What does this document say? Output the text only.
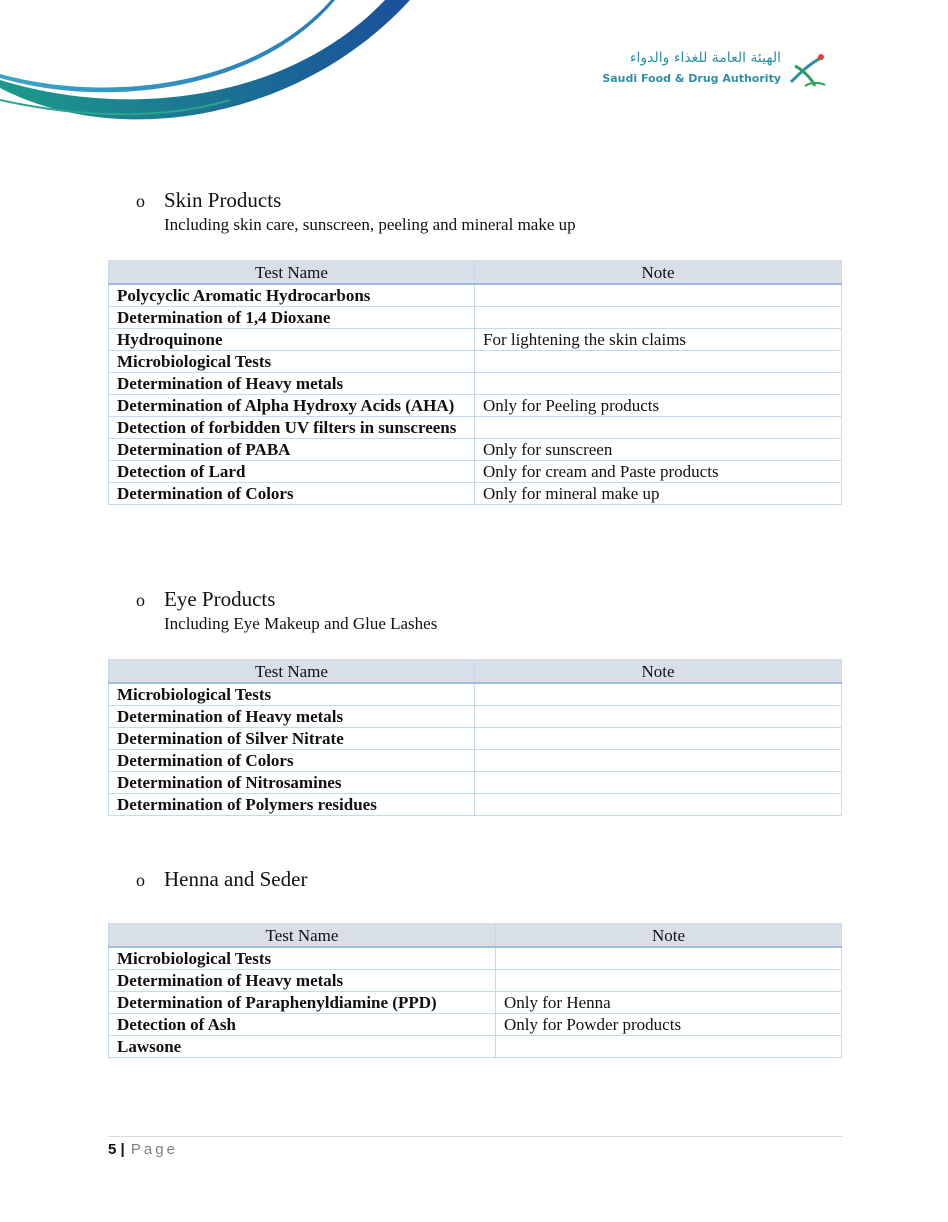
الهيئة العامة للغذاء والدواء
Saudi Food & Drug Authority
o Skin Products
Including skin care, sunscreen, peeling and mineral make up
Test Name	Note
Polycyclic Aromatic Hydrocarbons	
Determination of 1,4 Dioxane	
Hydroquinone	For lightening the skin claims
Microbiological Tests	
Determination of Heavy metals	
Determination of Alpha Hydroxy Acids (AHA)	Only for Peeling products
Detection of forbidden UV filters in sunscreens	
Determination of PABA	Only for sunscreen
Detection of Lard	Only for cream and Paste products
Determination of Colors	Only for mineral make up
o Eye Products
Including Eye Makeup and Glue Lashes
Test Name	Note
Microbiological Tests	
Determination of Heavy metals	
Determination of Silver Nitrate	
Determination of Colors	
Determination of Nitrosamines	
Determination of Polymers residues	
o Henna and Seder
Test Name	Note
Microbiological Tests	
Determination of Heavy metals	
Determination of Paraphenyldiamine (PPD)	Only for Henna
Detection of Ash	Only for Powder products
Lawsone	
5 | Page
